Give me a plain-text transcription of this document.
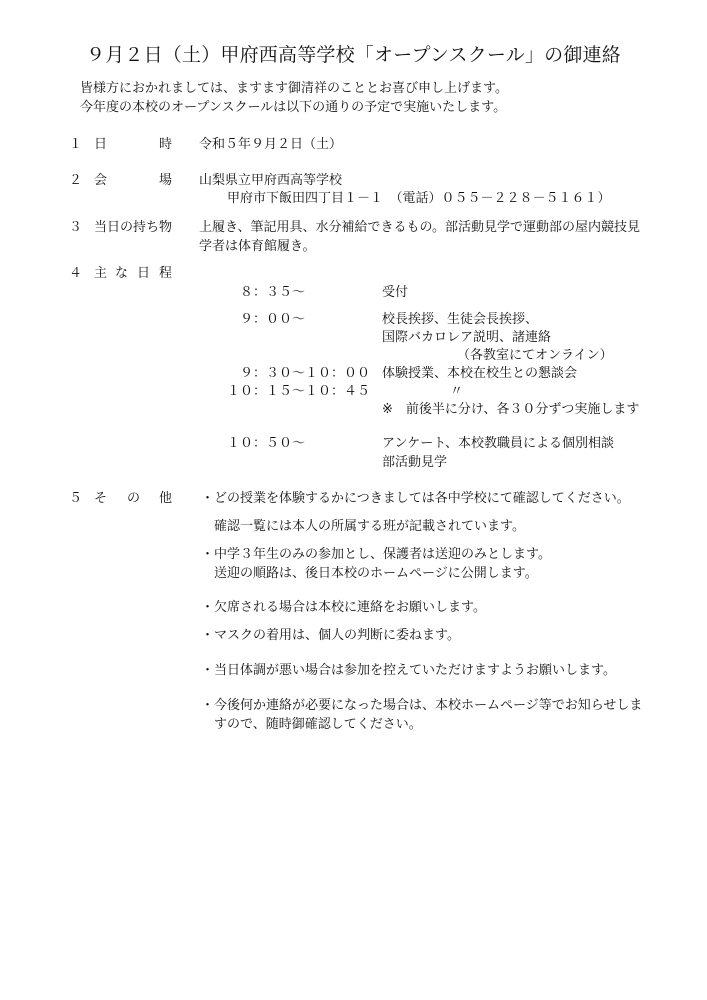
９月２日（土）甲府西高等学校「オープンスクール」の御連絡
皆様方におかれましては、ますます御清祥のこととお喜び申し上げます。
今年度の本校のオープンスクールは以下の通りの予定で実施いたします。
１ 日	時 令和５年９月２日（土）
２ 会	場 山梨県立甲府西高等学校
甲府市下飯田四丁目１－１　（電話）０５５－２２８－５１６１）
３ 当日の持ち物 上履き、筆記用具、水分補給できるもの。部活動見学で運動部の屋内競技見
学者は体育館履き。
４ 主 な 日 程
８：３５～	受付
９：００～	校長挨拶、生徒会長挨拶、
国際バカロレア説明、諸連絡
（各教室にてオンライン）
９：３０～１０：００ 体験授業、本校在校生との懇談会
１０：１５～１０：４５	〃
※　前後半に分け、各３０分ずつ実施します
１０：５０～	アンケート、本校教職員による個別相談
部活動見学
５ そ の 他 ・どの授業を体験するかにつきましては各中学校にて確認してください。
確認一覧には本人の所属する班が記載されています。
・中学３年生のみの参加とし、保護者は送迎のみとします。
送迎の順路は、後日本校のホームページに公開します。
・欠席される場合は本校に連絡をお願いします。
・マスクの着用は、個人の判断に委ねます。
・当日体調が悪い場合は参加を控えていただけますようお願いします。
・今後何か連絡が必要になった場合は、本校ホームページ等でお知らせしま
すので、随時御確認してください。
